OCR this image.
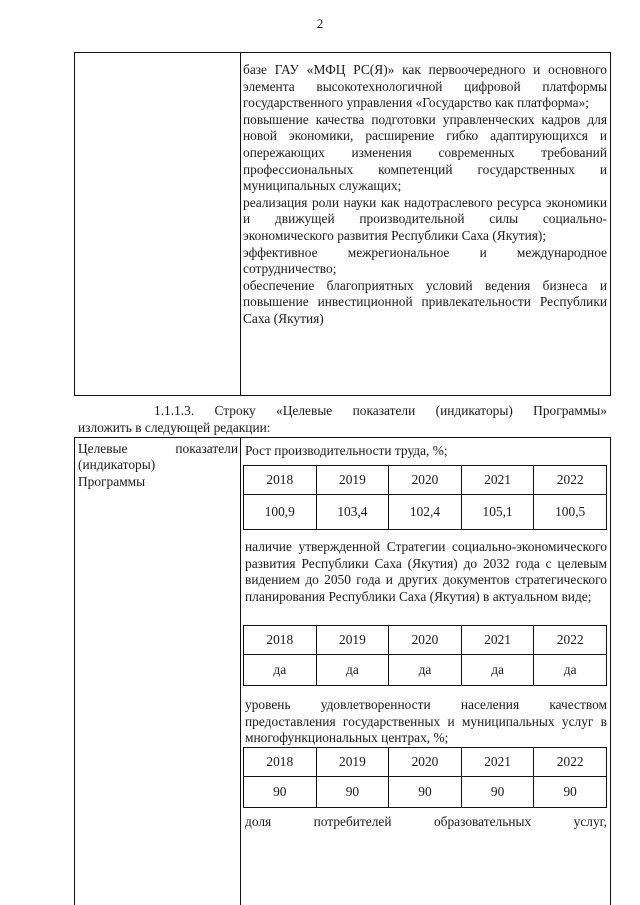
2

базе ГАУ «МФЦ РС(Я)» как первоочередного и основного элемента высокотехнологичной цифровой платформы государственного управления «Государство как платформа»;

повышение качества подготовки управленческих кадров для новой экономики, расширение гибко адаптирующихся и опережающих изменения современных требований профессиональных компетенций государственных и муниципальных служащих;

реализация роли науки как надотраслевого ресурса экономики и движущей производительной силы социально-экономического развития Республики Саха (Якутия);

эффективное межрегиональное и международное сотрудничество;

обеспечение благоприятных условий ведения бизнеса и повышение инвестиционной привлекательности Республики Саха (Якутия)

1.1.1.3. Строку «Целевые показатели (индикаторы) Программы»
изложить в следующей редакции:
Целевые	показатели
(индикаторы)
Программы
Рост производительности труда, %;
2018	2019	2020	2021	2022
100,9	103,4	102,4	105,1	100,5
наличие утвержденной Стратегии социально-экономического развития Республики Саха (Якутия) до 2032 года с целевым видением до 2050 года и других документов стратегического планирования Республики Саха (Якутия) в актуальном виде;
2018	2019	2020	2021	2022
да	да	да	да	да
уровень удовлетворенности населения качеством предоставления государственных и муниципальных услуг в многофункциональных центрах, %;
2018	2019	2020	2021	2022
90	90	90	90	90
доля потребителей образовательных услуг,
